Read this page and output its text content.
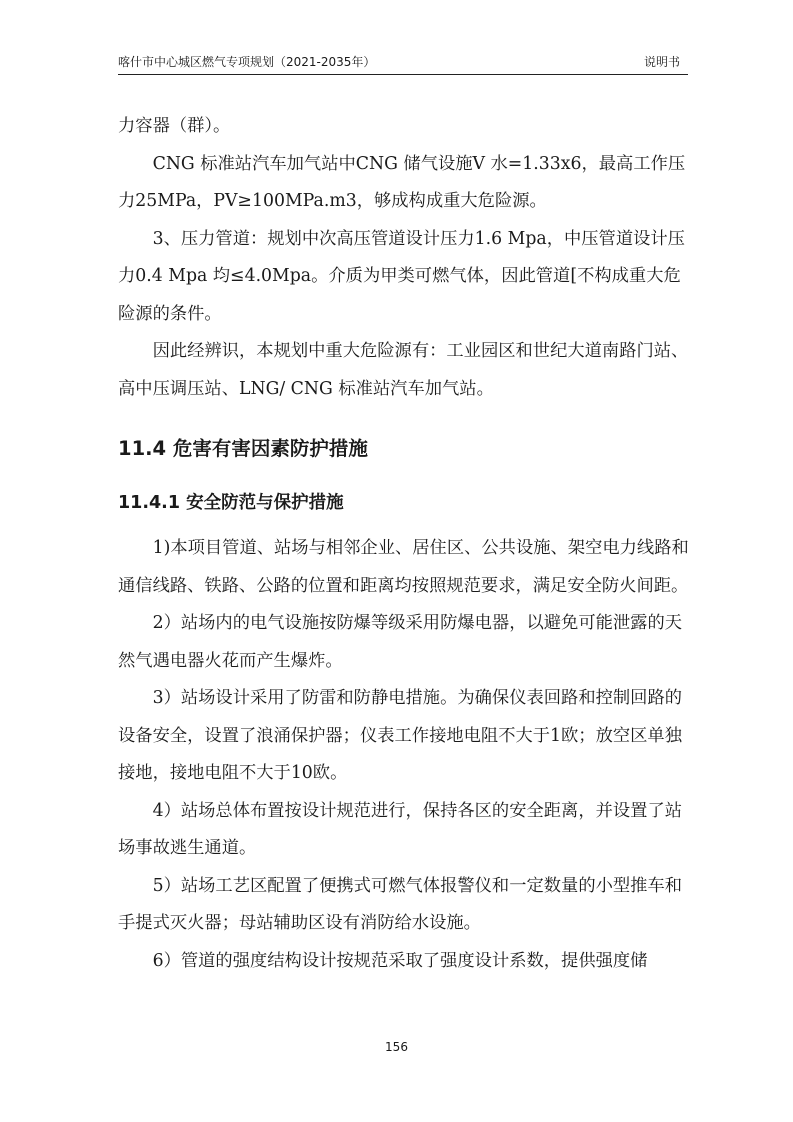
喀什市中心城区燃气专项规划（2021-2035年）	说明书

力容器（群）。

CNG 标准站汽车加气站中CNG 储气设施V 水=1.33x6，最高工作压力25MPa，PV≥100MPa.m3，够成构成重大危险源。

3、压力管道：规划中次高压管道设计压力1.6 Mpa，中压管道设计压力0.4 Mpa 均≤4.0Mpa。介质为甲类可燃气体，因此管道[不构成重大危险源的条件。

因此经辨识，本规划中重大危险源有：工业园区和世纪大道南路门站、高中压调压站、LNG/ CNG 标准站汽车加气站。

11.4 危害有害因素防护措施
11.4.1 安全防范与保护措施

1)本项目管道、站场与相邻企业、居住区、公共设施、架空电力线路和通信线路、铁路、公路的位置和距离均按照规范要求，满足安全防火间距。

2）站场内的电气设施按防爆等级采用防爆电器，以避免可能泄露的天然气遇电器火花而产生爆炸。

3）站场设计采用了防雷和防静电措施。为确保仪表回路和控制回路的设备安全，设置了浪涌保护器；仪表工作接地电阻不大于1欧；放空区单独接地，接地电阻不大于10欧。

4）站场总体布置按设计规范进行，保持各区的安全距离，并设置了站场事故逃生通道。

5）站场工艺区配置了便携式可燃气体报警仪和一定数量的小型推车和手提式灭火器；母站辅助区设有消防给水设施。

6）管道的强度结构设计按规范采取了强度设计系数，提供强度储

156
